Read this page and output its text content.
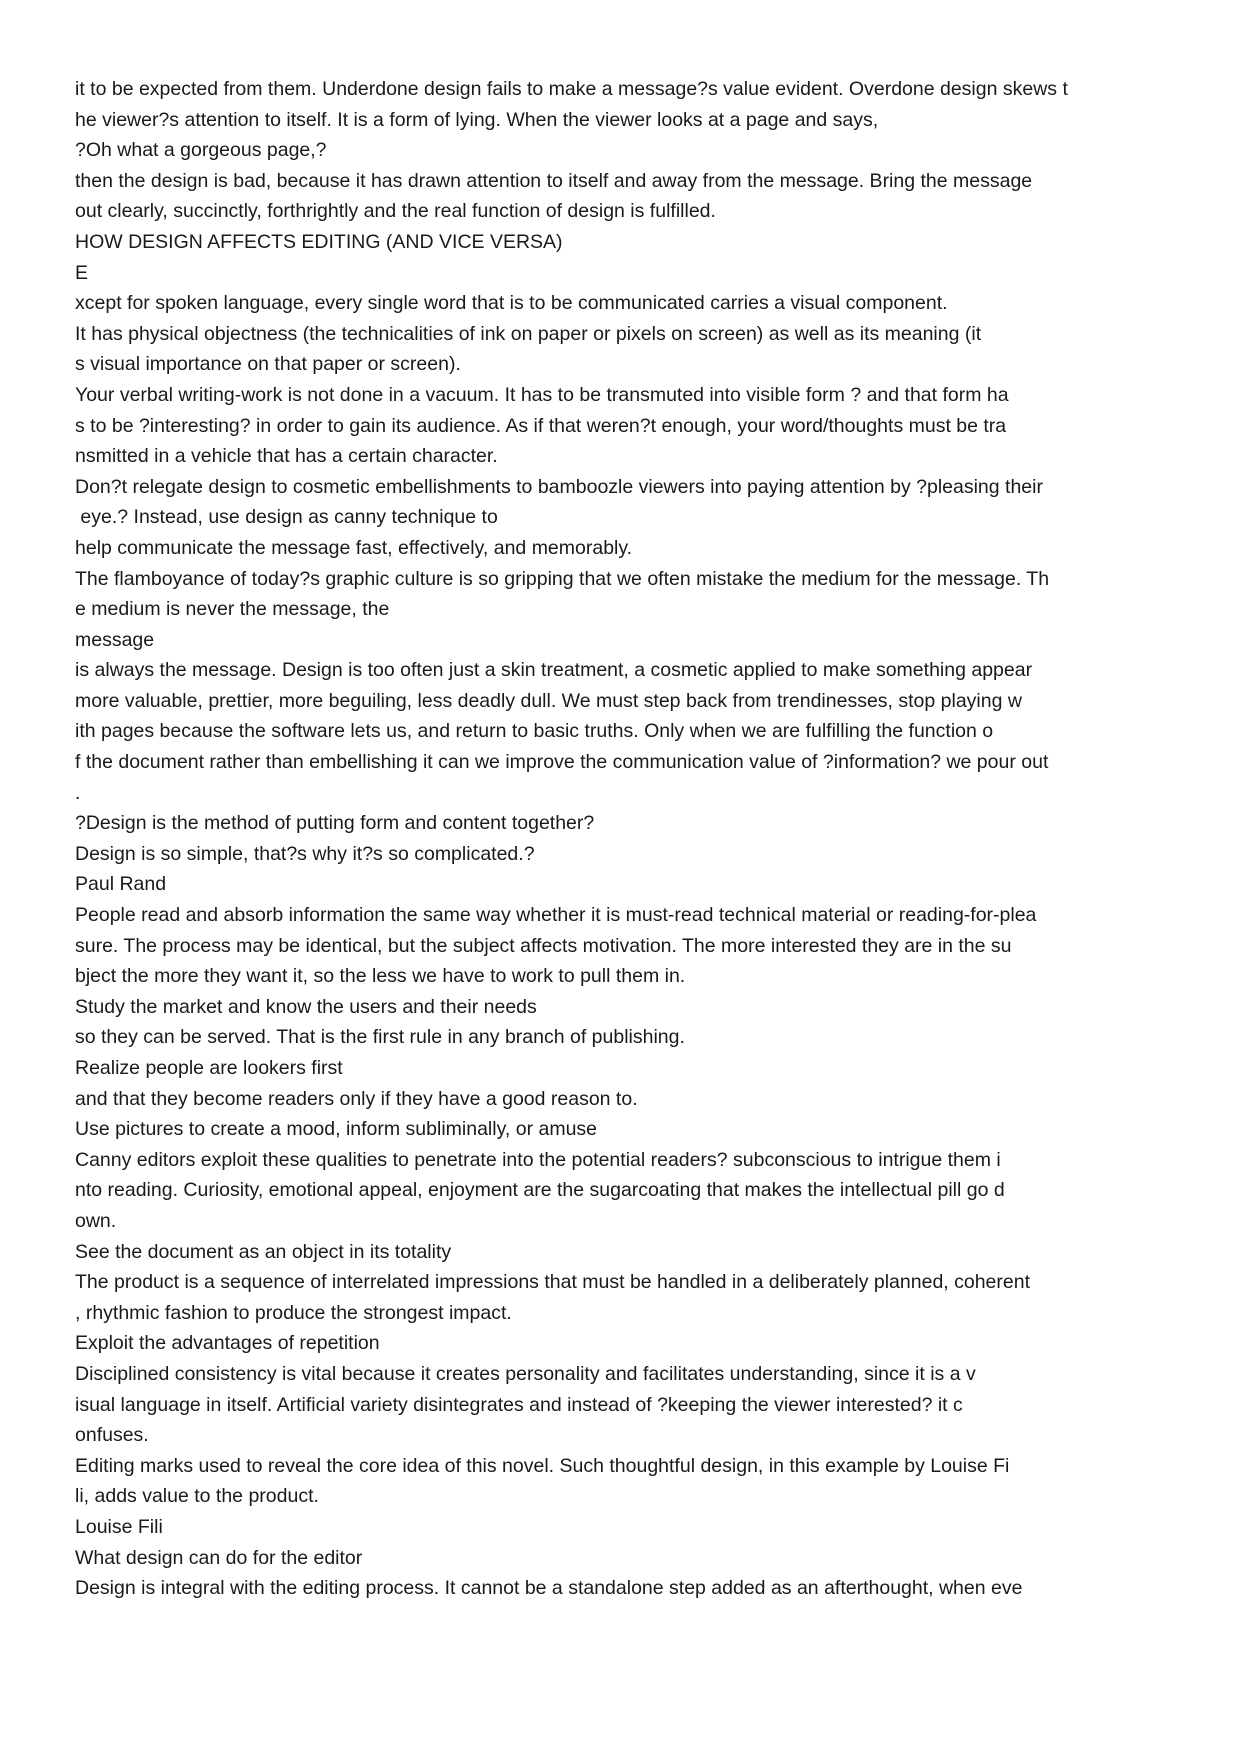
it to be expected from them. Underdone design fails to make a message?s value evident. Overdone design skews t

he viewer?s attention to itself. It is a form of lying. When the viewer looks at a page and says,

?Oh what a gorgeous page,?

then the design is bad, because it has drawn attention to itself and away from the message. Bring the message

out clearly, succinctly, forthrightly and the real function of design is fulfilled.

HOW DESIGN AFFECTS EDITING (AND VICE VERSA)

E

xcept for spoken language, every single word that is to be communicated carries a visual component.

It has physical objectness (the technicalities of ink on paper or pixels on screen) as well as its meaning (it

s visual importance on that paper or screen).

Your verbal writing-work is not done in a vacuum. It has to be transmuted into visible form ? and that form ha

s to be ?interesting? in order to gain its audience. As if that weren?t enough, your word/thoughts must be tra

nsmitted in a vehicle that has a certain character.

Don?t relegate design to cosmetic embellishments to bamboozle viewers into paying attention by ?pleasing their

eye.? Instead, use design as canny technique to

help communicate the message fast, effectively, and memorably.

The flamboyance of today?s graphic culture is so gripping that we often mistake the medium for the message. Th

e medium is never the message, the

message

is always the message. Design is too often just a skin treatment, a cosmetic applied to make something appear

more valuable, prettier, more beguiling, less deadly dull. We must step back from trendinesses, stop playing w

ith pages because the software lets us, and return to basic truths. Only when we are fulfilling the function o

f the document rather than embellishing it can we improve the communication value of ?information? we pour out

.

?Design is the method of putting form and content together?

Design is so simple, that?s why it?s so complicated.?

Paul Rand

People read and absorb information the same way whether it is must-read technical material or reading-for-plea

sure. The process may be identical, but the subject affects motivation. The more interested they are in the su

bject the more they want it, so the less we have to work to pull them in.

Study the market and know the users and their needs

so they can be served. That is the first rule in any branch of publishing.

Realize people are lookers first

and that they become readers only if they have a good reason to.

Use pictures to create a mood, inform subliminally, or amuse

Canny editors exploit these qualities to penetrate into the potential readers? subconscious to intrigue them i

nto reading. Curiosity, emotional appeal, enjoyment are the sugarcoating that makes the intellectual pill go d

own.

See the document as an object in its totality

The product is a sequence of interrelated impressions that must be handled in a deliberately planned, coherent

, rhythmic fashion to produce the strongest impact.

Exploit the advantages of repetition

Disciplined consistency is vital because it creates personality and facilitates understanding, since it is a v

isual language in itself. Artificial variety disintegrates and instead of ?keeping the viewer interested? it c

onfuses.

Editing marks used to reveal the core idea of this novel. Such thoughtful design, in this example by Louise Fi

li, adds value to the product.

Louise Fili

What design can do for the editor

Design is integral with the editing process. It cannot be a standalone step added as an afterthought, when eve
